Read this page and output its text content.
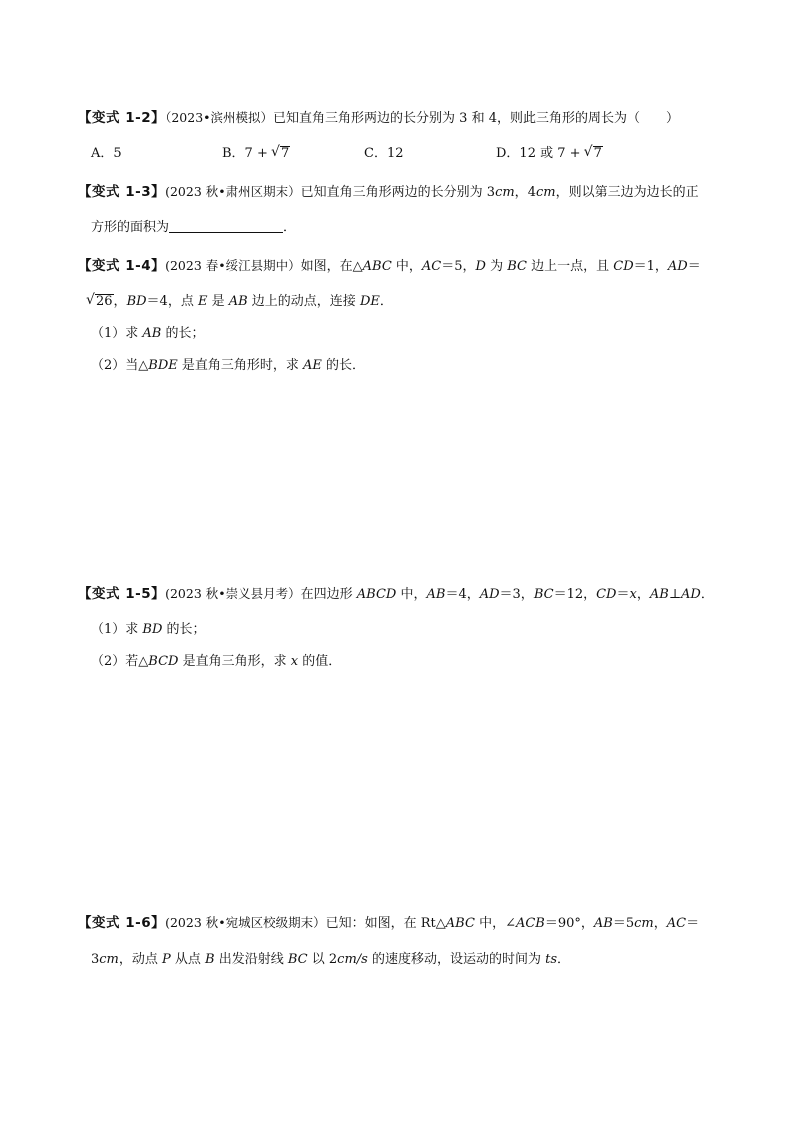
【变式 1-2】（2023•滨州模拟）已知直角三角形两边的长分别为 3 和 4，则此三角形的周长为（　　）
A．5	B．7 + √ 7	C．12	D．12 或 7 + √ 7
【变式 1-3】(2023 秋•肃州区期末）已知直角三角形两边的长分别为 3cm，4cm，则以第三边为边长的正
方形的面积为	．
【变式 1-4】(2023 春•绥江县期中）如图，在△ABC 中，AC＝5，D 为 BC 边上一点，且 CD＝1，AD＝
√ 26，BD＝4，点 E 是 AB 边上的动点，连接 DE．
（1）求 AB 的长；
（2）当△BDE 是直角三角形时，求 AE 的长．
【变式 1-5】(2023 秋•崇义县月考）在四边形 ABCD 中，AB＝4，AD＝3，BC＝12，CD＝x，AB⊥AD．
（1）求 BD 的长；
（2）若△BCD 是直角三角形，求 x 的值．
【变式 1-6】(2023 秋•宛城区校级期末）已知：如图，在 Rt△ABC 中，∠ACB＝90°，AB＝5cm，AC＝
3cm，动点 P 从点 B 出发沿射线 BC 以 2cm/s 的速度移动，设运动的时间为 ts．
